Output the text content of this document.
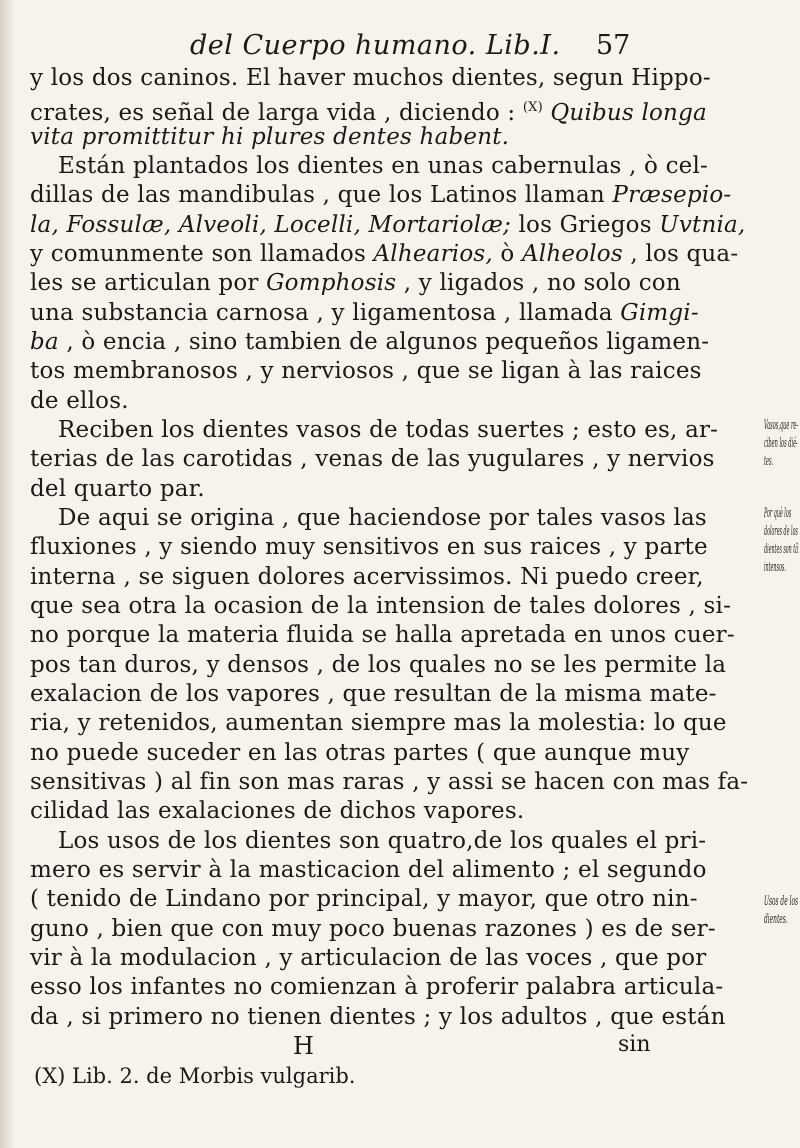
del Cuerpo humano. Lib.I. 57
y los dos caninos. El haver muchos dientes, segun Hippo-
crates, es señal de larga vida , diciendo : $^{(X)}$ Quibus longa
vita promittitur hi plures dentes habent.
Están plantados los dientes en unas cabernulas , ò cel-
dillas de las mandibulas , que los Latinos llaman Præsepio-
la, Fossulæ, Alveoli, Locelli, Mortariolæ; los Griegos Uvtnia,
y comunmente son llamados Alhearios, ò Alheolos , los qua-
les se articulan por Gomphosis , y ligados , no solo con
una substancia carnosa , y ligamentosa , llamada Gimgi-
ba , ò encia , sino tambien de algunos pequeños ligamen-
tos membranosos , y nerviosos , que se ligan à las raices
de ellos.
Reciben los dientes vasos de todas suertes ; esto es, ar-
terias de las carotidas , venas de las yugulares , y nervios
del quarto par.
De aqui se origina , que haciendose por tales vasos las
fluxiones , y siendo muy sensitivos en sus raices , y parte
interna , se siguen dolores acervissimos. Ni puedo creer,
que sea otra la ocasion de la intension de tales dolores , si-
no porque la materia fluida se halla apretada en unos cuer-
pos tan duros, y densos , de los quales no se les permite la
exalacion de los vapores , que resultan de la misma mate-
ria, y retenidos, aumentan siempre mas la molestia: lo que
no puede suceder en las otras partes ( que aunque muy
sensitivas ) al fin son mas raras , y assi se hacen con mas fa-
cilidad las exalaciones de dichos vapores.
Los usos de los dientes son quatro,de los quales el pri-
mero es servir à la masticacion del alimento ; el segundo
( tenido de Lindano por principal, y mayor, que otro nin-
guno , bien que con muy poco buenas razones ) es de ser-
vir à la modulacion , y articulacion de las voces , que por
esso los infantes no comienzan à proferir palabra articula-
da , si primero no tienen dientes ; y los adultos , que están
H	sin
(X) Lib. 2. de Morbis vulgarib.
Vasos,que re-
ciben los dié-
tes.
Por què los
dolores de los
dientes son tã
intensos.
Usos de los
dientes.
